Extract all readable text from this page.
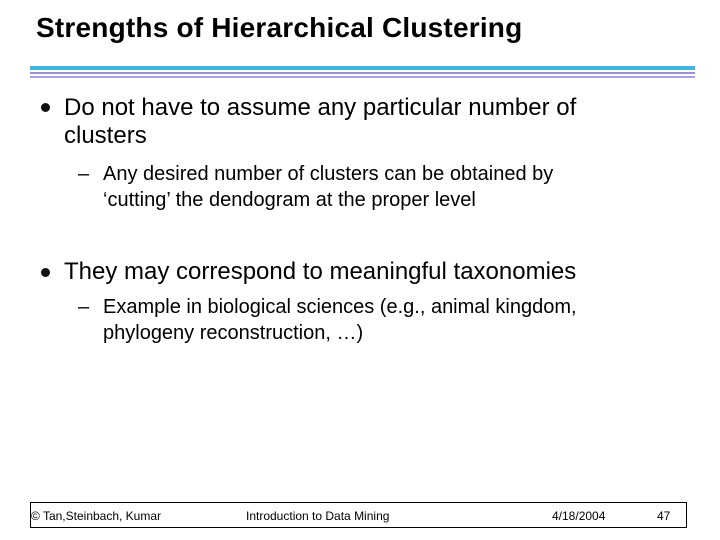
Strengths of Hierarchical Clustering
Do not have to assume any particular number of
clusters
– Any desired number of clusters can be obtained by
‘cutting’ the dendogram at the proper level
They may correspond to meaningful taxonomies
– Example in biological sciences (e.g., animal kingdom,
phylogeny reconstruction, …)
© Tan,Steinbach, Kumar	Introduction to Data Mining	4/18/2004	47
